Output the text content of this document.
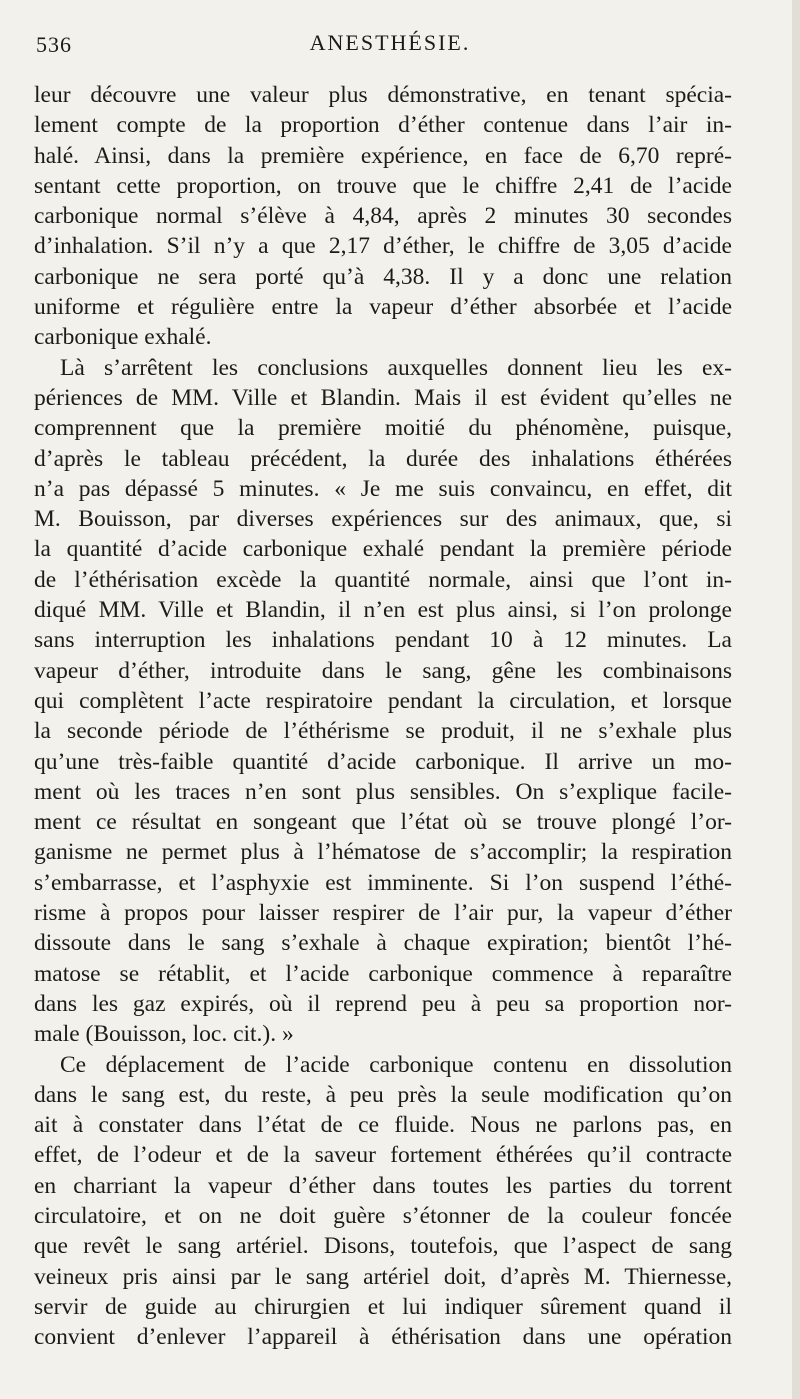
536	ANESTHÉSIE.
leur découvre une valeur plus démonstrative, en tenant spécia-
lement compte de la proportion d’éther contenue dans l’air in-
halé. Ainsi, dans la première expérience, en face de 6,70 repré-
sentant cette proportion, on trouve que le chiffre 2,41 de l’acide
carbonique normal s’élève à 4,84, après 2 minutes 30 secondes
d’inhalation. S’il n’y a que 2,17 d’éther, le chiffre de 3,05 d’acide
carbonique ne sera porté qu’à 4,38. Il y a donc une relation
uniforme et régulière entre la vapeur d’éther absorbée et l’acide
carbonique exhalé.
Là s’arrêtent les conclusions auxquelles donnent lieu les ex-
périences de MM. Ville et Blandin. Mais il est évident qu’elles ne
comprennent que la première moitié du phénomène, puisque,
d’après le tableau précédent, la durée des inhalations éthérées
n’a pas dépassé 5 minutes. « Je me suis convaincu, en effet, dit
M. Bouisson, par diverses expériences sur des animaux, que, si
la quantité d’acide carbonique exhalé pendant la première période
de l’éthérisation excède la quantité normale, ainsi que l’ont in-
diqué MM. Ville et Blandin, il n’en est plus ainsi, si l’on prolonge
sans interruption les inhalations pendant 10 à 12 minutes. La
vapeur d’éther, introduite dans le sang, gêne les combinaisons
qui complètent l’acte respiratoire pendant la circulation, et lorsque
la seconde période de l’éthérisme se produit, il ne s’exhale plus
qu’une très-faible quantité d’acide carbonique. Il arrive un mo-
ment où les traces n’en sont plus sensibles. On s’explique facile-
ment ce résultat en songeant que l’état où se trouve plongé l’or-
ganisme ne permet plus à l’hématose de s’accomplir; la respiration
s’embarrasse, et l’asphyxie est imminente. Si l’on suspend l’éthé-
risme à propos pour laisser respirer de l’air pur, la vapeur d’éther
dissoute dans le sang s’exhale à chaque expiration; bientôt l’hé-
matose se rétablit, et l’acide carbonique commence à reparaître
dans les gaz expirés, où il reprend peu à peu sa proportion nor-
male (Bouisson, loc. cit.). »
Ce déplacement de l’acide carbonique contenu en dissolution
dans le sang est, du reste, à peu près la seule modification qu’on
ait à constater dans l’état de ce fluide. Nous ne parlons pas, en
effet, de l’odeur et de la saveur fortement éthérées qu’il contracte
en charriant la vapeur d’éther dans toutes les parties du torrent
circulatoire, et on ne doit guère s’étonner de la couleur foncée
que revêt le sang artériel. Disons, toutefois, que l’aspect de sang
veineux pris ainsi par le sang artériel doit, d’après M. Thiernesse,
servir de guide au chirurgien et lui indiquer sûrement quand il
convient d’enlever l’appareil à éthérisation dans une opération
